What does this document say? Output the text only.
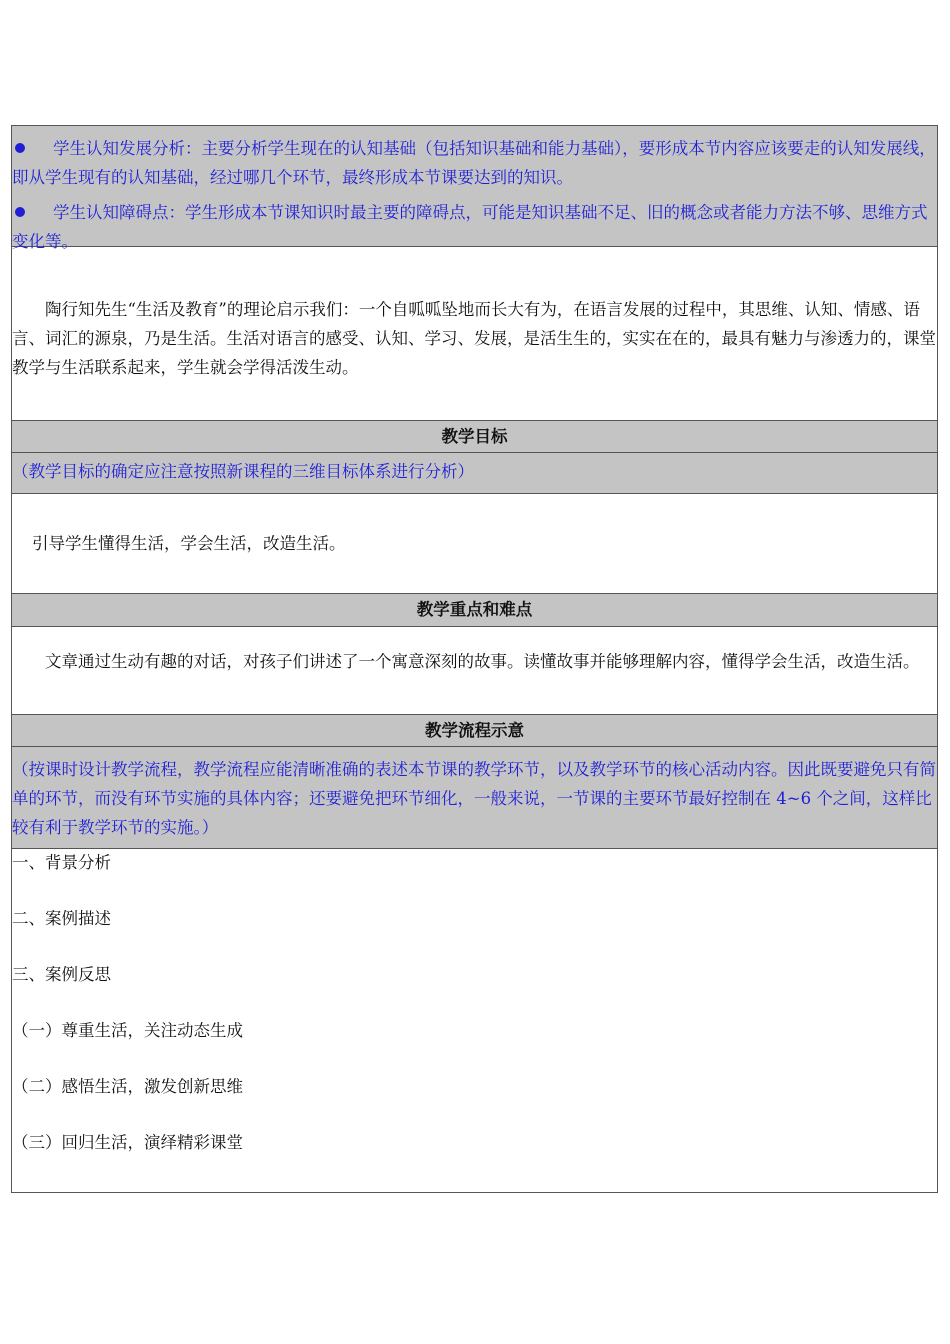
学生认知发展分析：主要分析学生现在的认知基础（包括知识基础和能力基础），要形成本节内容应该要走的认知发展线，即从学生现有的认知基础，经过哪几个环节，最终形成本节课要达到的知识。

学生认知障碍点：学生形成本节课知识时最主要的障碍点，可能是知识基础不足、旧的概念或者能力方法不够、思维方式变化等。

陶行知先生“生活及教育”的理论启示我们：一个自呱呱坠地而长大有为，在语言发展的过程中，其思维、认知、情感、语言、词汇的源泉，乃是生活。生活对语言的感受、认知、学习、发展，是活生生的，实实在在的，最具有魅力与渗透力的，课堂教学与生活联系起来，学生就会学得活泼生动。

教学目标

（教学目标的确定应注意按照新课程的三维目标体系进行分析）

引导学生懂得生活，学会生活，改造生活。

教学重点和难点

文章通过生动有趣的对话，对孩子们讲述了一个寓意深刻的故事。读懂故事并能够理解内容，懂得学会生活，改造生活。

教学流程示意

（按课时设计教学流程，教学流程应能清晰准确的表述本节课的教学环节，以及教学环节的核心活动内容。因此既要避免只有简单的环节，而没有环节实施的具体内容；还要避免把环节细化，一般来说，一节课的主要环节最好控制在 4~6 个之间，这样比较有利于教学环节的实施。）

一、背景分析

二、案例描述

三、案例反思

（一）尊重生活，关注动态生成

（二）感悟生活，激发创新思维

（三）回归生活，演绎精彩课堂
